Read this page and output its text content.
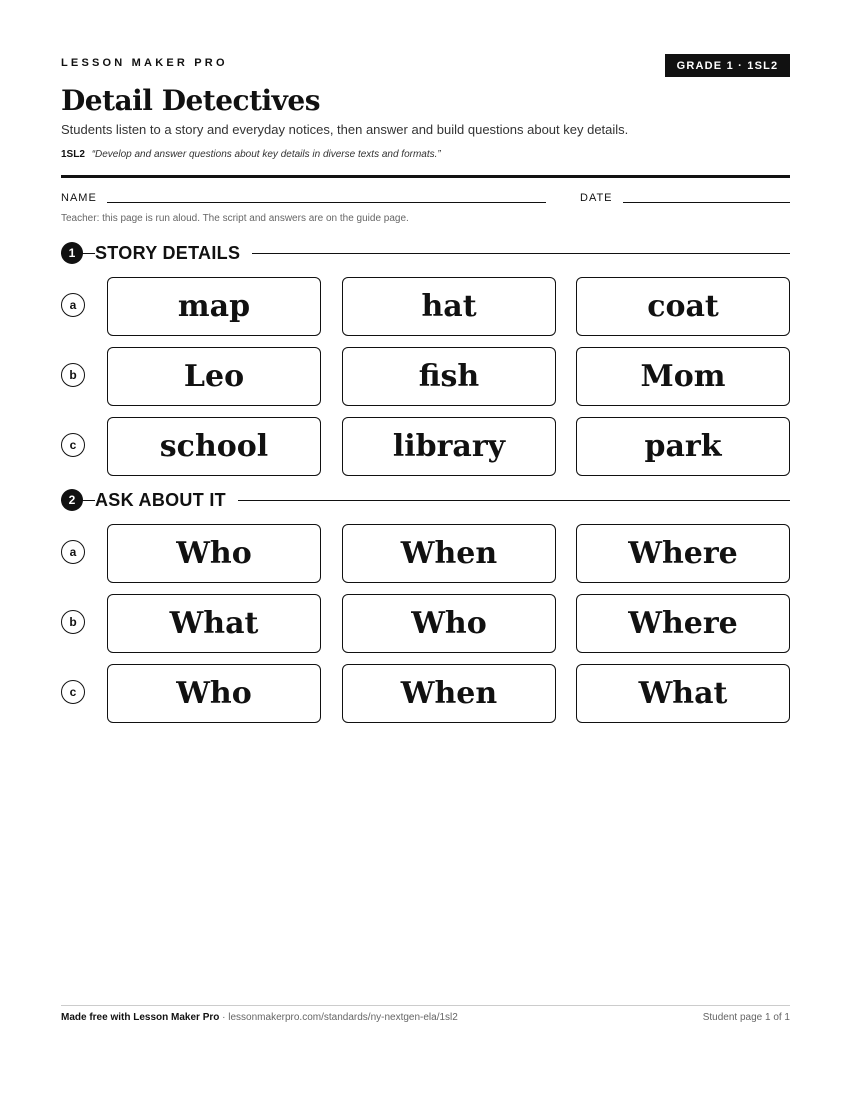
LESSON MAKER PRO	GRADE 1 · 1SL2
Detail Detectives
Students listen to a story and everyday notices, then answer and build questions about key details.
1SL2 “Develop and answer questions about key details in diverse texts and formats.”
NAME	DATE
Teacher: this page is run aloud. The script and answers are on the guide page.
1	STORY DETAILS
a	map	hat	coat
b	Leo	fish	Mom
c	school	library	park
2	ASK ABOUT IT
a	Who	When	Where
b	What	Who	Where
c	Who	When	What
Made free with Lesson Maker Pro · lessonmakerpro.com/standards/ny-nextgen-ela/1sl2	Student page 1 of 1
